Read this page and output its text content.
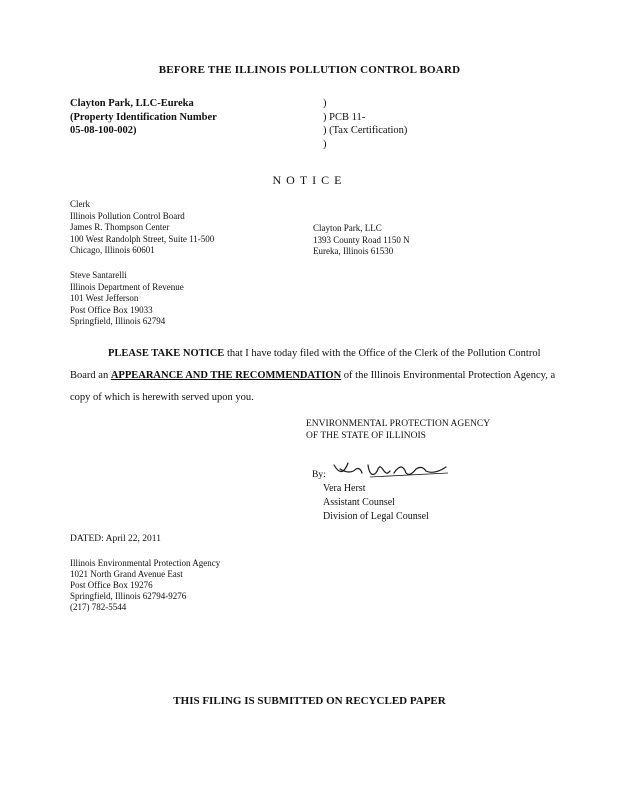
BEFORE THE ILLINOIS POLLUTION CONTROL BOARD
Clayton Park, LLC-Eureka
(Property Identification Number
05-08-100-002)
)
) PCB 11-
) (Tax Certification)
)
NOTICE
Clerk
Illinois Pollution Control Board
James R. Thompson Center
100 West Randolph Street, Suite 11-500
Chicago, Illinois 60601
Clayton Park, LLC
1393 County Road 1150 N
Eureka, Illinois 61530
Steve Santarelli
Illinois Department of Revenue
101 West Jefferson
Post Office Box 19033
Springfield, Illinois 62794
PLEASE TAKE NOTICE that I have today filed with the Office of the Clerk of the Pollution Control Board an APPEARANCE AND THE RECOMMENDATION of the Illinois Environmental Protection Agency, a copy of which is herewith served upon you.
ENVIRONMENTAL PROTECTION AGENCY
OF THE STATE OF ILLINOIS
By:
Vera Herst
Assistant Counsel
Division of Legal Counsel
DATED: April 22, 2011
Illinois Environmental Protection Agency
1021 North Grand Avenue East
Post Office Box 19276
Springfield, Illinois 62794-9276
(217) 782-5544
THIS FILING IS SUBMITTED ON RECYCLED PAPER
